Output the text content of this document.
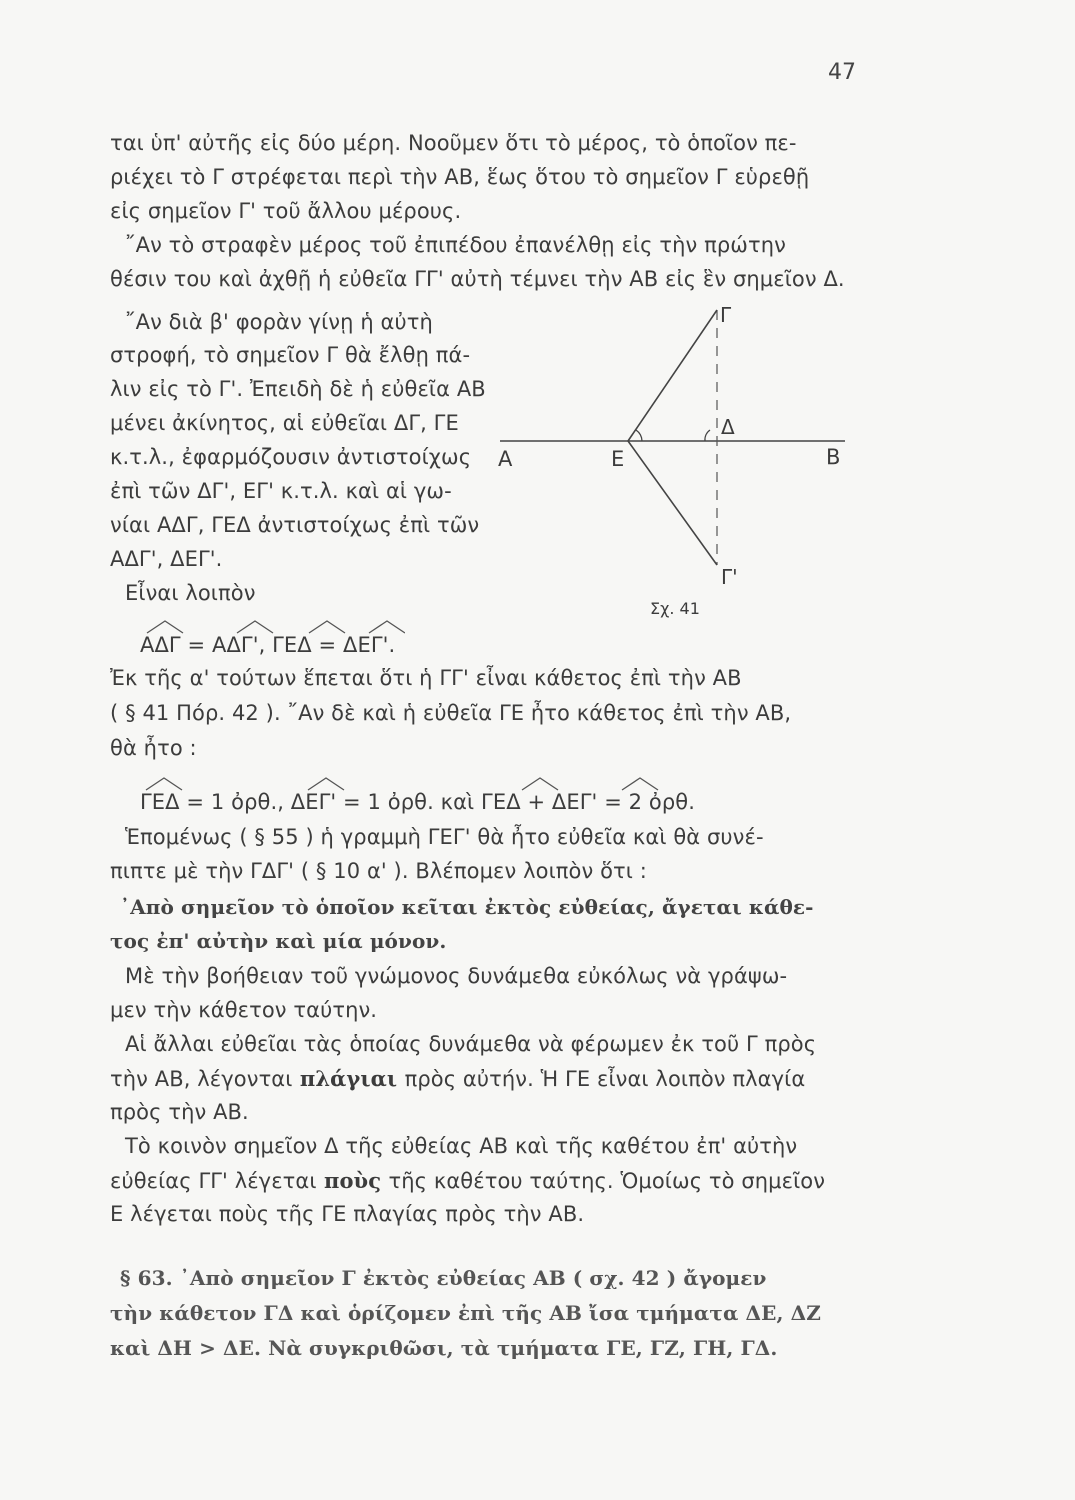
47
ται ὑπ' αὐτῆς εἰς δύο μέρη. Νοοῦμεν ὅτι τὸ μέρος, τὸ ὁποῖον πε-
ριέχει τὸ Γ στρέφεται περὶ τὴν ΑΒ, ἕως ὅτου τὸ σημεῖον Γ εὑρεθῇ
εἰς σημεῖον Γ' τοῦ ἄλλου μέρους.
῎Αν τὸ στραφὲν μέρος τοῦ ἐπιπέδου ἐπανέλθῃ εἰς τὴν πρώτην
θέσιν του καὶ ἀχθῇ ἡ εὐθεῖα ΓΓ' αὐτὴ τέμνει τὴν ΑΒ εἰς ἓν σημεῖον Δ.
῎Αν διὰ β' φορὰν γίνῃ ἡ αὐτὴ
στροφή, τὸ σημεῖον Γ θὰ ἔλθῃ πά-
λιν εἰς τὸ Γ'. Ἐπειδὴ δὲ ἡ εὐθεῖα ΑΒ
μένει ἀκίνητος, αἱ εὐθεῖαι ΔΓ, ΓΕ
κ.τ.λ., ἐφαρμόζουσιν ἀντιστοίχως
ἐπὶ τῶν ΔΓ', ΕΓ' κ.τ.λ. καὶ αἱ γω-
νίαι ΑΔΓ, ΓΕΔ ἀντιστοίχως ἐπὶ τῶν
ΑΔΓ', ΔΕΓ'.
Εἶναι λοιπὸν
ΑΔΓ = ΑΔΓ', ΓΕΔ = ΔΕΓ'.
Ἐκ τῆς α' τούτων ἕπεται ὅτι ἡ ΓΓ' εἶναι κάθετος ἐπὶ τὴν ΑΒ
( § 41 Πόρ. 42 ). ῎Αν δὲ καὶ ἡ εὐθεῖα ΓΕ ἦτο κάθετος ἐπὶ τὴν ΑΒ,
θὰ ἦτο :
ΓΕΔ = 1 ὀρθ., ΔΕΓ' = 1 ὀρθ. καὶ ΓΕΔ + ΔΕΓ' = 2 ὀρθ.
Ἑπομένως ( § 55 ) ἡ γραμμὴ ΓΕΓ' θὰ ἦτο εὐθεῖα καὶ θὰ συνέ-
πιπτε μὲ τὴν ΓΔΓ' ( § 10 α' ). Βλέπομεν λοιπὸν ὅτι :
᾿Απὸ σημεῖον τὸ ὁποῖον κεῖται ἐκτὸς εὐθείας, ἄγεται κάθε-
τος ἐπ' αὐτὴν καὶ μία μόνον.
Μὲ τὴν βοήθειαν τοῦ γνώμονος δυνάμεθα εὐκόλως νὰ γράψω-
μεν τὴν κάθετον ταύτην.
Αἱ ἄλλαι εὐθεῖαι τὰς ὁποίας δυνάμεθα νὰ φέρωμεν ἐκ τοῦ Γ πρὸς
τὴν ΑΒ, λέγονται πλάγιαι πρὸς αὐτήν. Ἡ ΓΕ εἶναι λοιπὸν πλαγία
πρὸς τὴν ΑΒ.
Τὸ κοινὸν σημεῖον Δ τῆς εὐθείας ΑΒ καὶ τῆς καθέτου ἐπ' αὐτὴν
εὐθείας ΓΓ' λέγεται ποὺς τῆς καθέτου ταύτης. Ὁμοίως τὸ σημεῖον
Ε λέγεται ποὺς τῆς ΓΕ πλαγίας πρὸς τὴν ΑΒ.
§ 63. ᾿Απὸ σημεῖον Γ ἐκτὸς εὐθείας ΑΒ ( σχ. 42 ) ἄγομεν
τὴν κάθετον ΓΔ καὶ ὁρίζομεν ἐπὶ τῆς ΑΒ ἴσα τμήματα ΔΕ, ΔΖ
καὶ ΔΗ > ΔΕ. Νὰ συγκριθῶσι, τὰ τμήματα ΓΕ, ΓΖ, ΓΗ, ΓΔ.
Γ
Γ'
Δ
Α	Ε	Β
Σχ. 41
